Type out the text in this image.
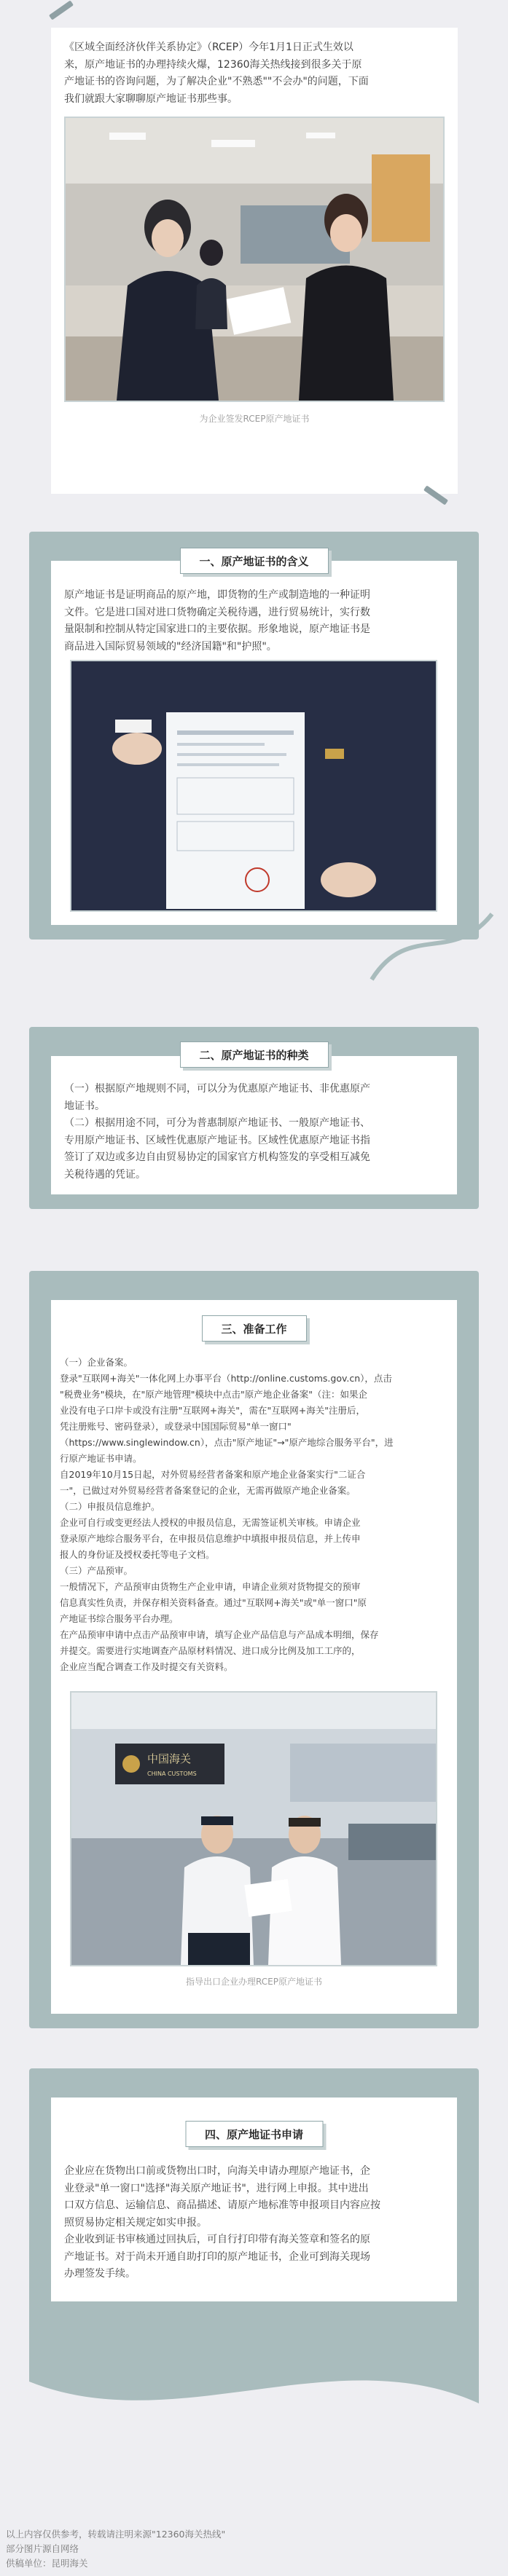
《区域全面经济伙伴关系协定》（RCEP）今年1月1日正式生效以
来，原产地证书的办理持续火爆，12360海关热线接到很多关于原
产地证书的咨询问题，为了解决企业"不熟悉""不会办"的问题，下面
我们就跟大家聊聊原产地证书那些事。

为企业签发RCEP原产地证书
一、原产地证书的含义

原产地证书是证明商品的原产地，即货物的生产或制造地的一种证明
文件。它是进口国对进口货物确定关税待遇，进行贸易统计，实行数
量限制和控制从特定国家进口的主要依据。形象地说，原产地证书是
商品进入国际贸易领域的"经济国籍"和"护照"。

二、原产地证书的种类

（一）根据原产地规则不同，可以分为优惠原产地证书、非优惠原产
地证书。
（二）根据用途不同，可分为普惠制原产地证书、一般原产地证书、
专用原产地证书、区域性优惠原产地证书。区域性优惠原产地证书指
签订了双边或多边自由贸易协定的国家官方机构签发的享受相互减免
关税待遇的凭证。

三、准备工作

（一）企业备案。
登录"互联网+海关"一体化网上办事平台（http://online.customs.gov.cn），点击
"税费业务"模块，在"原产地管理"模块中点击"原产地企业备案"（注：如果企
业没有电子口岸卡或没有注册"互联网+海关"，需在"互联网+海关"注册后，
凭注册账号、密码登录），或登录中国国际贸易"单一窗口"
（https://www.singlewindow.cn），点击"原产地证"→"原产地综合服务平台"，进
行原产地证书申请。
自2019年10月15日起，对外贸易经营者备案和原产地企业备案实行"二证合
一"，已做过对外贸易经营者备案登记的企业，无需再做原产地企业备案。
（二）申报员信息维护。
企业可自行或变更经法人授权的申报员信息，无需签证机关审核。申请企业
登录原产地综合服务平台，在申报员信息维护中填报申报员信息，并上传申
报人的身份证及授权委托等电子文档。
（三）产品预审。
一般情况下，产品预审由货物生产企业申请，申请企业须对货物提交的预审
信息真实性负责，并保存相关资料备查。通过"互联网+海关"或"单一窗口"原
产地证书综合服务平台办理。
在产品预审申请中点击产品预审申请，填写企业产品信息与产品成本明细，保存
并提交。需要进行实地调查产品原材料情况、进口成分比例及加工工序的，
企业应当配合调查工作及时提交有关资料。

中国海关
CHINA CUSTOMS
指导出口企业办理RCEP原产地证书
四、原产地证书申请

企业应在货物出口前或货物出口时，向海关申请办理原产地证书，企
业登录"单一窗口"选择"海关原产地证书"，进行网上申报。其中进出
口双方信息、运输信息、商品描述、请原产地标准等申报项目内容应按
照贸易协定相关规定如实申报。
企业收到证书审核通过回执后，可自行打印带有海关签章和签名的原
产地证书。对于尚未开通自助打印的原产地证书，企业可到海关现场
办理签发手续。

以上内容仅供参考，转载请注明来源"12360海关热线"
部分图片源自网络
供稿单位：昆明海关
